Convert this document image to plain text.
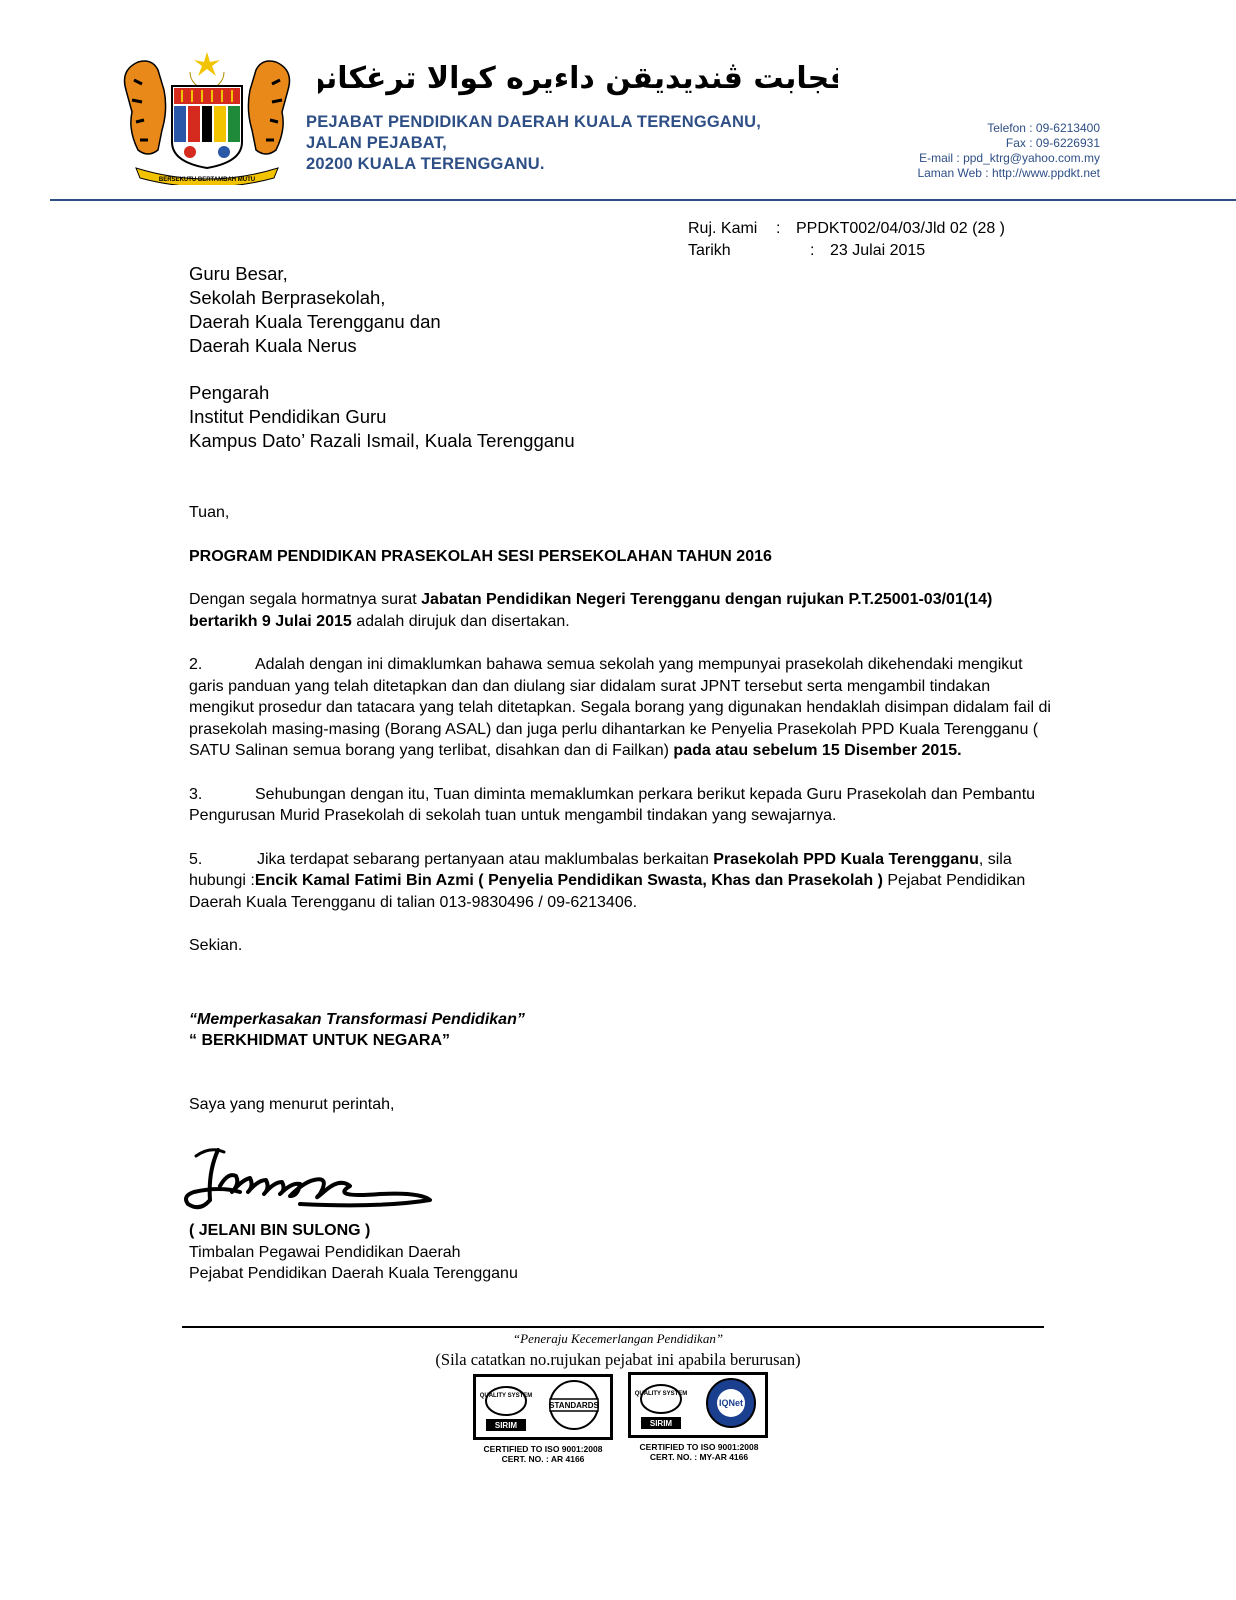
BERSEKUTU BERTAMBAH MUTU
ڤجابت ڤنديديقن داءيره كوالا ترغكانو
PEJABAT PENDIDIKAN DAERAH KUALA TERENGGANU,
JALAN PEJABAT,
20200 KUALA TERENGGANU.
Telefon : 09-6213400
Fax : 09-6226931
E-mail : ppd_ktrg@yahoo.com.my
Laman Web : http://www.ppdkt.net
Ruj. Kami	: PPDKT002/04/03/Jld 02 (28 )
Tarikh	: 23 Julai 2015
Guru Besar,
Sekolah Berprasekolah,
Daerah Kuala Terengganu dan
Daerah Kuala Nerus
Pengarah
Institut Pendidikan Guru
Kampus Dato’ Razali Ismail, Kuala Terengganu
Tuan,
PROGRAM PENDIDIKAN PRASEKOLAH SESI PERSEKOLAHAN TAHUN 2016
Dengan segala hormatnya surat Jabatan Pendidikan Negeri Terengganu dengan rujukan P.T.25001-03/01(14) bertarikh 9 Julai 2015 adalah dirujuk dan disertakan.
2.	Adalah dengan ini dimaklumkan bahawa semua sekolah yang mempunyai prasekolah dikehendaki mengikut garis panduan yang telah ditetapkan dan dan diulang siar didalam surat JPNT tersebut serta mengambil tindakan mengikut prosedur dan tatacara yang telah ditetapkan. Segala borang yang digunakan hendaklah disimpan didalam fail di prasekolah masing-masing (Borang ASAL) dan juga perlu dihantarkan ke Penyelia Prasekolah PPD Kuala Terengganu ( SATU Salinan semua borang yang terlibat, disahkan dan di Failkan) pada atau sebelum 15 Disember 2015.
3.	Sehubungan dengan itu, Tuan diminta memaklumkan perkara berikut kepada Guru Prasekolah dan Pembantu Pengurusan Murid Prasekolah di sekolah tuan untuk mengambil tindakan yang sewajarnya.
5.	Jika terdapat sebarang pertanyaan atau maklumbalas berkaitan Prasekolah PPD Kuala Terengganu, sila hubungi :Encik Kamal Fatimi Bin Azmi ( Penyelia Pendidikan Swasta, Khas dan Prasekolah ) Pejabat Pendidikan Daerah Kuala Terengganu di talian 013-9830496 / 09-6213406.
Sekian.
“Memperkasakan Transformasi Pendidikan”
“ BERKHIDMAT UNTUK NEGARA”
Saya yang menurut perintah,
( JELANI BIN SULONG )
Timbalan Pegawai Pendidikan Daerah
Pejabat Pendidikan Daerah Kuala Terengganu
“Peneraju Kecemerlangan Pendidikan”
(Sila catatkan no.rujukan pejabat ini apabila berurusan)
QUALITY SYSTEM
SIRIM
STANDARDS
CERTIFIED TO ISO 9001:2008
CERT. NO. : AR 4166
QUALITY SYSTEM
SIRIM
IQNet
CERTIFIED TO ISO 9001:2008
CERT. NO. : MY-AR 4166
